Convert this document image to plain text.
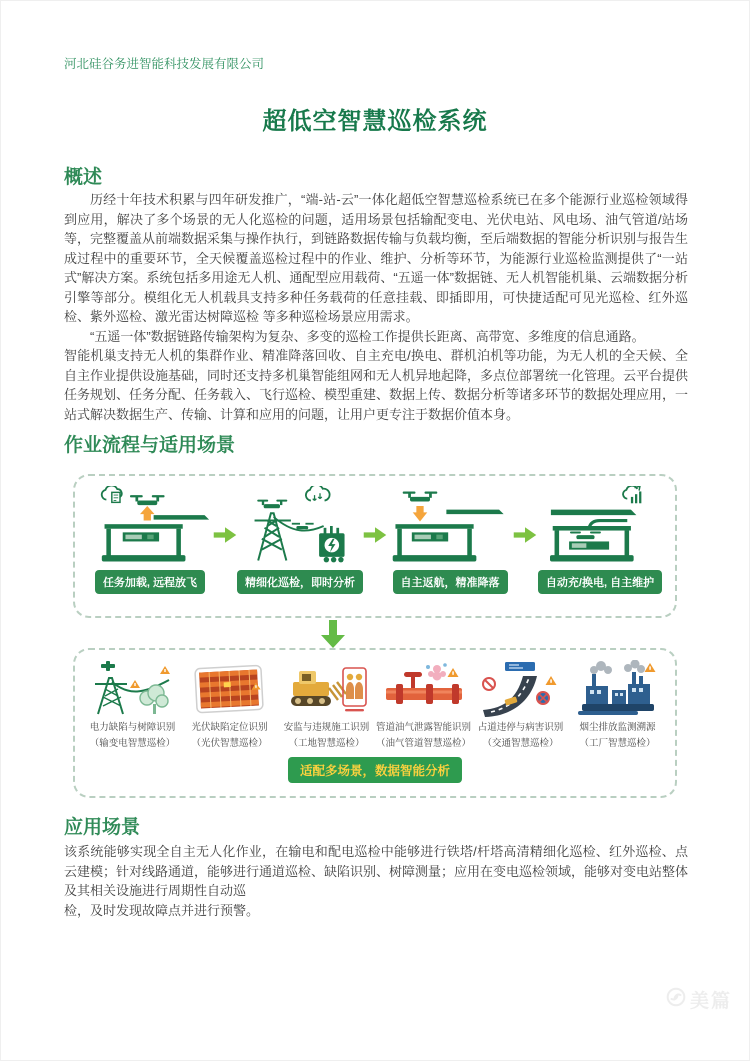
河北硅谷务进智能科技发展有限公司
超低空智慧巡检系统
概述

历经十年技术积累与四年研发推广，“端-站-云”一体化超低空智慧巡检系统已在多个能源行业巡检领域得到应用，解决了多个场景的无人化巡检的问题，适用场景包括输配变电、光伏电站、风电场、油气管道/站场等，完整覆盖从前端数据采集与操作执行，到链路数据传输与负载均衡，至后端数据的智能分析识别与报告生成过程中的重要环节，全天候覆盖巡检过程中的作业、维护、分析等环节，为能源行业巡检监测提供了“一站式”解决方案。系统包括多用途无人机、通配型应用载荷、“五遥一体”数据链、无人机智能机巢、云端数据分析引擎等部分。模组化无人机载具支持多种任务载荷的任意挂载、即插即用，可快捷适配可见光巡检、红外巡检、紫外巡检、激光雷达树障巡检 等多种巡检场景应用需求。

“五遥一体”数据链路传输架构为复杂、多变的巡检工作提供长距离、高带宽、多维度的信息通路。

智能机巢支持无人机的集群作业、精准降落回收、自主充电/换电、群机泊机等功能，为无人机的全天候、全自主作业提供设施基础，同时还支持多机巢智能组网和无人机异地起降，多点位部署统一化管理。云平台提供任务规划、任务分配、任务载入、飞行巡检、模型重建、数据上传、数据分析等诸多环节的数据处理应用，一站式解决数据生产、传输、计算和应用的问题，让用户更专注于数据价值本身。

作业流程与适用场景
任务加载, 远程放飞	精细化巡检，即时分析	自主返航，精准降落	自动充/换电, 自主维护
电力缺陷与树障识别
（输变电智慧巡检）
光伏缺陷定位识别
（光伏智慧巡检）
安监与违规施工识别
（工地智慧巡检）
管道油气泄露智能识别
（油气管道智慧巡检）
占道违停与病害识别
（交通智慧巡检）
烟尘排放监测溯源
（工厂智慧巡检）
适配多场景，数据智能分析
应用场景

该系统能够实现全自主无人化作业，在输电和配电巡检中能够进行铁塔/杆塔高清精细化巡检、红外巡检、点云建模；针对线路通道，能够进行通道巡检、缺陷识别、树障测量；应用在变电巡检领域，能够对变电站整体及其相关设施进行周期性自动巡

检，及时发现故障点并进行预警。

美篇
